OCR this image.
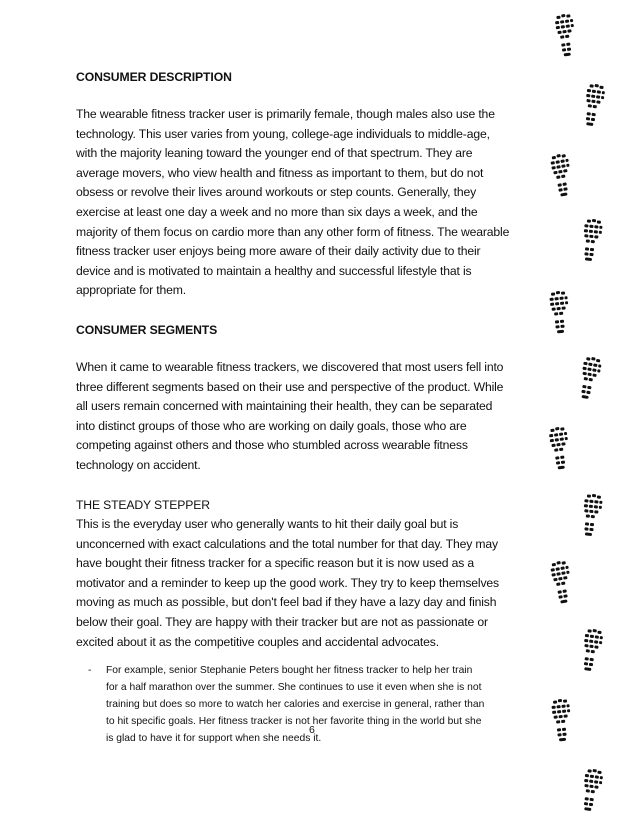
CONSUMER DESCRIPTION

The wearable fitness tracker user is primarily female, though males also use the

technology. This user varies from young, college-age individuals to middle-age,

with the majority leaning toward the younger end of that spectrum. They are

average movers, who view health and fitness as important to them, but do not

obsess or revolve their lives around workouts or step counts. Generally, they

exercise at least one day a week and no more than six days a week, and the

majority of them focus on cardio more than any other form of fitness. The wearable

fitness tracker user enjoys being more aware of their daily activity due to their

device and is motivated to maintain a healthy and successful lifestyle that is

appropriate for them.

CONSUMER SEGMENTS

When it came to wearable fitness trackers, we discovered that most users fell into

three different segments based on their use and perspective of the product. While

all users remain concerned with maintaining their health, they can be separated

into distinct groups of those who are working on daily goals, those who are

competing against others and those who stumbled across wearable fitness

technology on accident.

THE STEADY STEPPER

This is the everyday user who generally wants to hit their daily goal but is

unconcerned with exact calculations and the total number for that day. They may

have bought their fitness tracker for a specific reason but it is now used as a

motivator and a reminder to keep up the good work. They try to keep themselves

moving as much as possible, but don't feel bad if they have a lazy day and finish

below their goal. They are happy with their tracker but are not as passionate or

excited about it as the competitive couples and accidental advocates.

- For example, senior Stephanie Peters bought her fitness tracker to help her train
for a half marathon over the summer. She continues to use it even when she is not
training but does so more to watch her calories and exercise in general, rather than
to hit specific goals. Her fitness tracker is not her favorite thing in the world but she
is glad to have it for support when she needs it.
6
